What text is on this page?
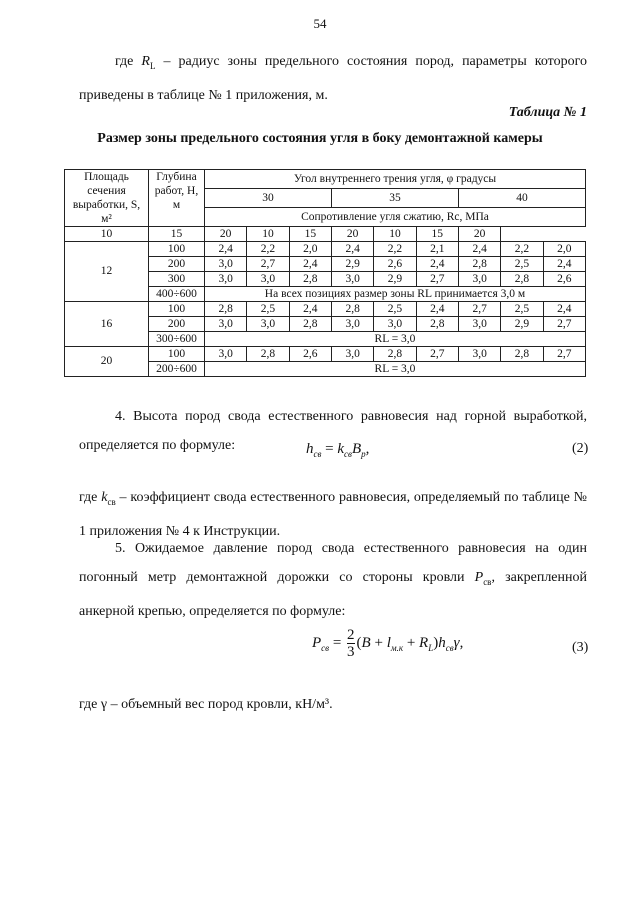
54
где $R_L$ – радиус зоны предельного состояния пород, параметры которого приведены в таблице № 1 приложения, м.
Таблица № 1
Размер зоны предельного состояния угля в боку демонтажной камеры
Площадь сечения выработки, S, м²	Глубина работ, H, м	Угол внутреннего трения угля, φ градусы								
		30			35			40		
		Сопротивление угля сжатию, Rc, МПа								
10	15	20	10	15	20	10	15	20		
12	100	2,4	2,2	2,0	2,4	2,2	2,1	2,4	2,2	2,0
	200	3,0	2,7	2,4	2,9	2,6	2,4	2,8	2,5	2,4
	300	3,0	3,0	2,8	3,0	2,9	2,7	3,0	2,8	2,6
	400÷600	На всех позициях размер зоны RL принимается 3,0 м								
16	100	2,8	2,5	2,4	2,8	2,5	2,4	2,7	2,5	2,4
	200	3,0	3,0	2,8	3,0	3,0	2,8	3,0	2,9	2,7
	300÷600	RL = 3,0								
20	100	3,0	2,8	2,6	3,0	2,8	2,7	3,0	2,8	2,7
	200÷600	RL = 3,0								
4. Высота пород свода естественного равновесия над горной выработкой, определяется по формуле:	$h_{св} = k_{св}B_p$,	(2)
где $k_{св}$ – коэффициент свода естественного равновесия, определяемый по таблице № 1 приложения № 4 к Инструкции.
5. Ожидаемое давление пород свода естественного равновесия на один погонный метр демонтажной дорожки со стороны кровли $P_{св}$, закрепленной анкерной крепью, определяется по формуле:
$P_{св} = \frac{2}{3} (B + l_{м.к} + R_L)h_{св}\gamma$,	(3)
где γ – объемный вес пород кровли, кН/м³.
